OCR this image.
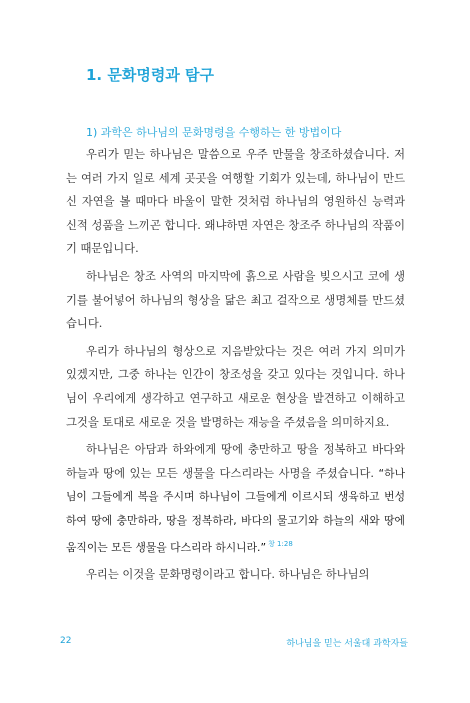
1. 문화명령과 탐구
1) 과학은 하나님의 문화명령을 수행하는 한 방법이다

우리가 믿는 하나님은 말씀으로 우주 만물을 창조하셨습니다. 저는 여러 가지 일로 세계 곳곳을 여행할 기회가 있는데, 하나님이 만드신 자연을 볼 때마다 바울이 말한 것처럼 하나님의 영원하신 능력과 신적 성품을 느끼곤 합니다. 왜냐하면 자연은 창조주 하나님의 작품이기 때문입니다.

하나님은 창조 사역의 마지막에 흙으로 사람을 빚으시고 코에 생기를 불어넣어 하나님의 형상을 닮은 최고 걸작으로 생명체를 만드셨습니다.

우리가 하나님의 형상으로 지음받았다는 것은 여러 가지 의미가 있겠지만, 그중 하나는 인간이 창조성을 갖고 있다는 것입니다. 하나님이 우리에게 생각하고 연구하고 새로운 현상을 발견하고 이해하고 그것을 토대로 새로운 것을 발명하는 재능을 주셨음을 의미하지요.

하나님은 아담과 하와에게 땅에 충만하고 땅을 정복하고 바다와 하늘과 땅에 있는 모든 생물을 다스리라는 사명을 주셨습니다. “하나님이 그들에게 복을 주시며 하나님이 그들에게 이르시되 생육하고 번성하여 땅에 충만하라, 땅을 정복하라, 바다의 물고기와 하늘의 새와 땅에 움직이는 모든 생물을 다스리라 하시니라.” $^{창 1:28}$

우리는 이것을 문화명령이라고 합니다. 하나님은 하나님의

22	하나님을 믿는 서울대 과학자들
